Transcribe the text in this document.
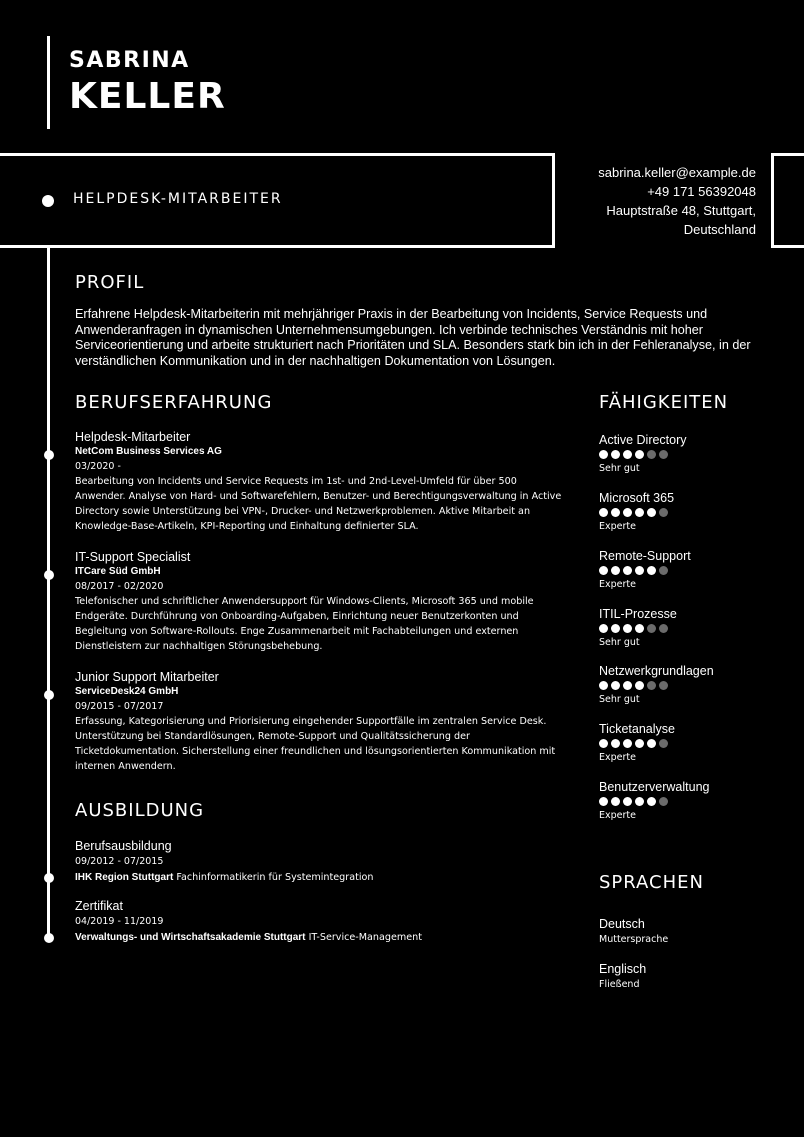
SABRINA
KELLER
HELPDESK-MITARBEITER
sabrina.keller@example.de
+49 171 56392048
Hauptstraße 48, Stuttgart,
Deutschland
PROFIL
Erfahrene Helpdesk-Mitarbeiterin mit mehrjähriger Praxis in der Bearbeitung von Incidents, Service Requests und Anwenderanfragen in dynamischen Unternehmensumgebungen. Ich verbinde technisches Verständnis mit hoher Serviceorientierung und arbeite strukturiert nach Prioritäten und SLA. Besonders stark bin ich in der Fehleranalyse, in der verständlichen Kommunikation und in der nachhaltigen Dokumentation von Lösungen.
BERUFSERFAHRUNG
Helpdesk-Mitarbeiter
NetCom Business Services AG
03/2020 -
Bearbeitung von Incidents und Service Requests im 1st- und 2nd-Level-Umfeld für über 500 Anwender. Analyse von Hard- und Softwarefehlern, Benutzer- und Berechtigungsverwaltung in Active Directory sowie Unterstützung bei VPN-, Drucker- und Netzwerkproblemen. Aktive Mitarbeit an Knowledge-Base-Artikeln, KPI-Reporting und Einhaltung definierter SLA.
IT-Support Specialist
ITCare Süd GmbH
08/2017 - 02/2020
Telefonischer und schriftlicher Anwendersupport für Windows-Clients, Microsoft 365 und mobile Endgeräte. Durchführung von Onboarding-Aufgaben, Einrichtung neuer Benutzerkonten und Begleitung von Software-Rollouts. Enge Zusammenarbeit mit Fachabteilungen und externen Dienstleistern zur nachhaltigen Störungsbehebung.
Junior Support Mitarbeiter
ServiceDesk24 GmbH
09/2015 - 07/2017
Erfassung, Kategorisierung und Priorisierung eingehender Supportfälle im zentralen Service Desk. Unterstützung bei Standardlösungen, Remote-Support und Qualitätssicherung der Ticketdokumentation. Sicherstellung einer freundlichen und lösungsorientierten Kommunikation mit internen Anwendern.
AUSBILDUNG
Berufsausbildung
09/2012 - 07/2015
IHK Region Stuttgart Fachinformatikerin für Systemintegration
Zertifikat
04/2019 - 11/2019
Verwaltungs- und Wirtschaftsakademie Stuttgart IT-Service-Management
FÄHIGKEITEN
Active Directory
Sehr gut
Microsoft 365
Experte
Remote-Support
Experte
ITIL-Prozesse
Sehr gut
Netzwerkgrundlagen
Sehr gut
Ticketanalyse
Experte
Benutzerverwaltung
Experte
SPRACHEN
Deutsch
Muttersprache
Englisch
Fließend
